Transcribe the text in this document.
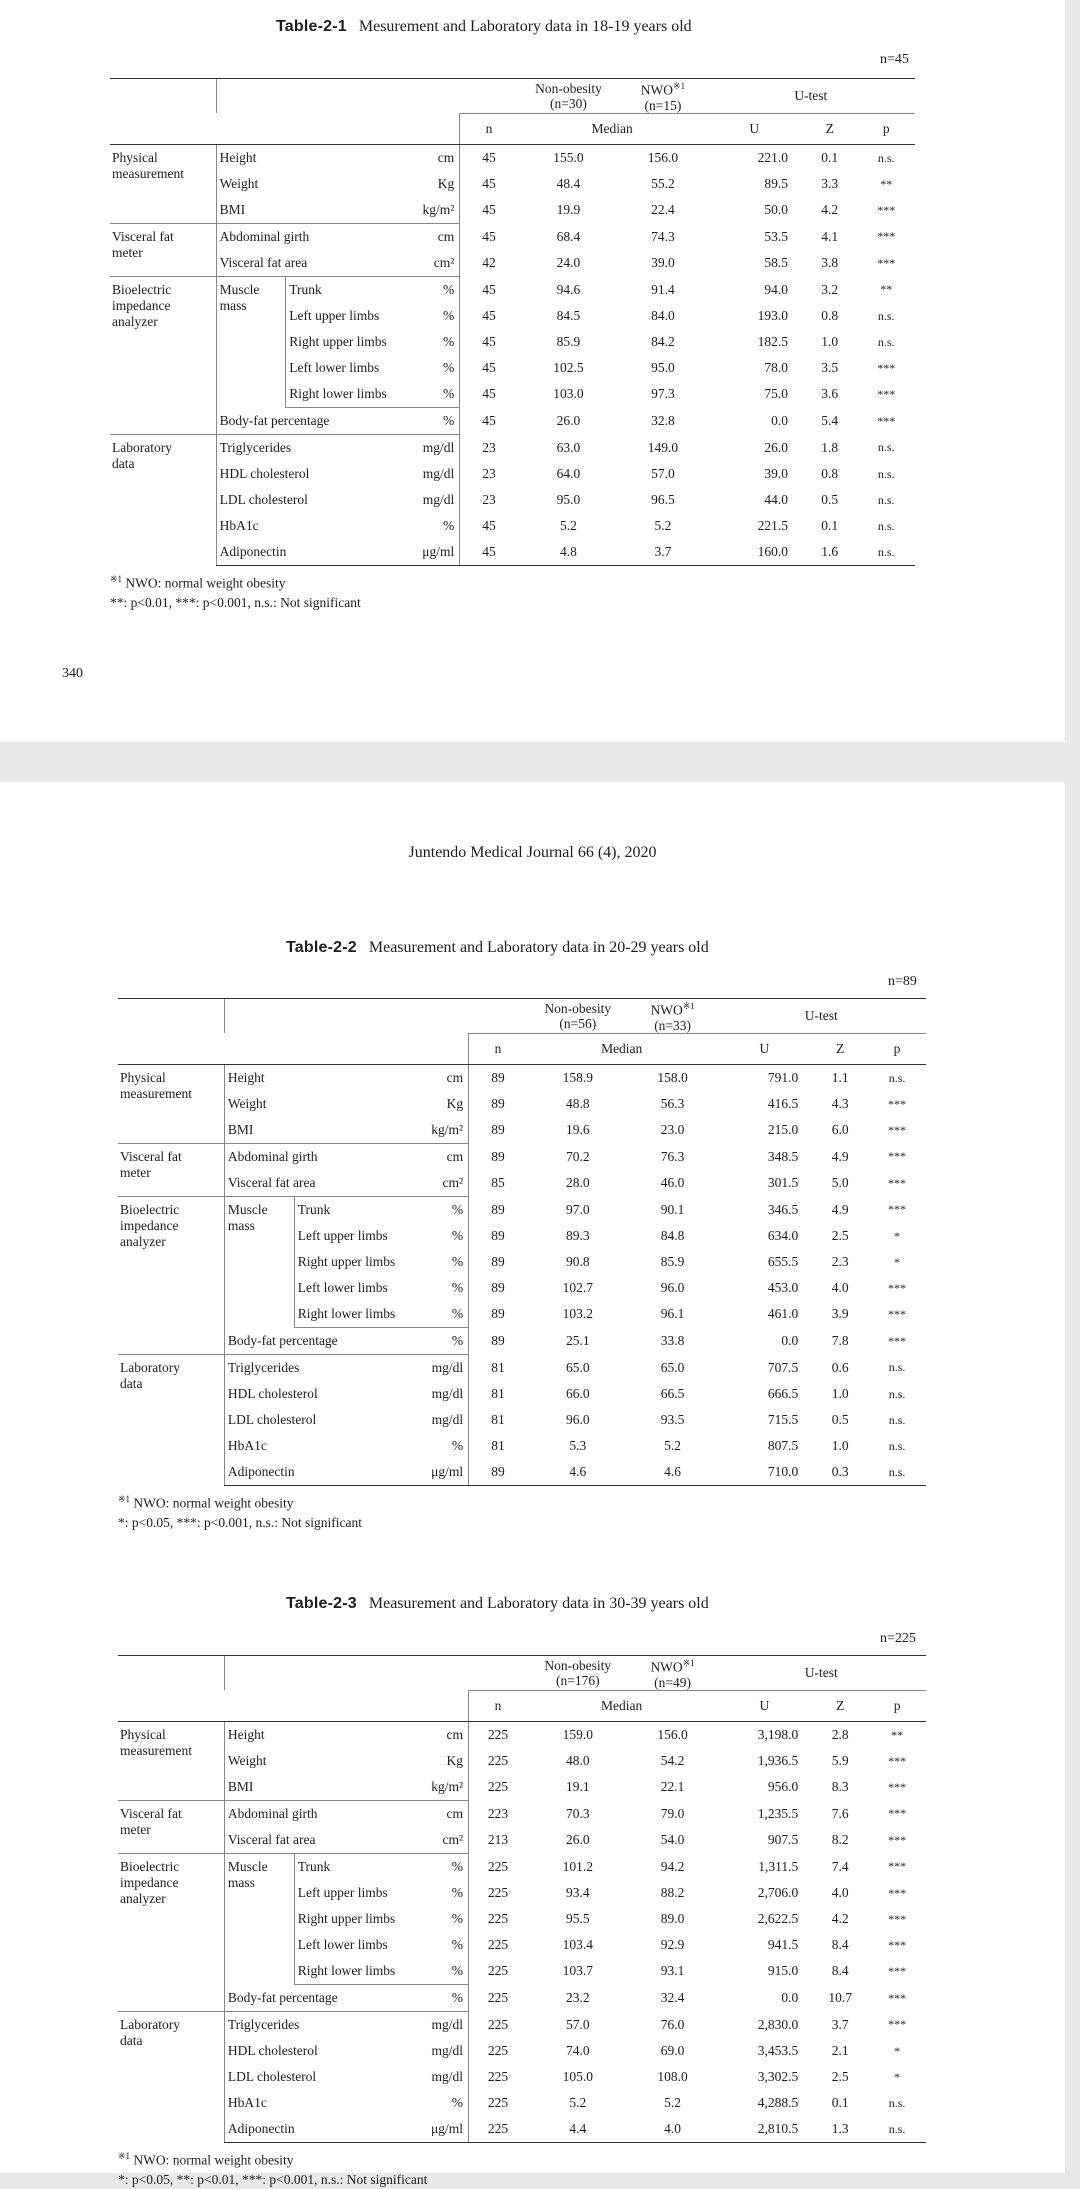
Table-2-1 Mesurement and Laboratory data in 18-19 years old
n=45
					Non-obesity
(n=30)	NWO$^{※1}$
(n=15)	U-test		
				n	Median		U	Z	p
Physical
measurement	Height		cm	45	155.0	156.0	221.0	0.1	n.s.
	Weight		Kg	45	48.4	55.2	89.5	3.3	**
	BMI		kg/m²	45	19.9	22.4	50.0	4.2	***
Visceral fat
meter	Abdominal girth		cm	45	68.4	74.3	53.5	4.1	***
	Visceral fat area		cm²	42	24.0	39.0	58.5	3.8	***
Bioelectric
impedance
analyzer	Muscle
mass	Trunk	%	45	94.6	91.4	94.0	3.2	**
		Left upper limbs	%	45	84.5	84.0	193.0	0.8	n.s.
		Right upper limbs	%	45	85.9	84.2	182.5	1.0	n.s.
		Left lower limbs	%	45	102.5	95.0	78.0	3.5	***
		Right lower limbs	%	45	103.0	97.3	75.0	3.6	***
	Body-fat percentage		%	45	26.0	32.8	0.0	5.4	***
Laboratory
data	Triglycerides		mg/dl	23	63.0	149.0	26.0	1.8	n.s.
	HDL cholesterol		mg/dl	23	64.0	57.0	39.0	0.8	n.s.
	LDL cholesterol		mg/dl	23	95.0	96.5	44.0	0.5	n.s.
	HbA1c		%	45	5.2	5.2	221.5	0.1	n.s.
	Adiponectin		μg/ml	45	4.8	3.7	160.0	1.6	n.s.
$^{※1}$ NWO: normal weight obesity
**: p<0.01, ***: p<0.001, n.s.: Not significant
340
Juntendo Medical Journal 66 (4), 2020
Table-2-2 Measurement and Laboratory data in 20-29 years old
n=89
					Non-obesity
(n=56)	NWO$^{※1}$
(n=33)	U-test		
				n	Median		U	Z	p
Physical
measurement	Height		cm	89	158.9	158.0	791.0	1.1	n.s.
	Weight		Kg	89	48.8	56.3	416.5	4.3	***
	BMI		kg/m²	89	19.6	23.0	215.0	6.0	***
Visceral fat
meter	Abdominal girth		cm	89	70.2	76.3	348.5	4.9	***
	Visceral fat area		cm²	85	28.0	46.0	301.5	5.0	***
Bioelectric
impedance
analyzer	Muscle
mass	Trunk	%	89	97.0	90.1	346.5	4.9	***
		Left upper limbs	%	89	89.3	84.8	634.0	2.5	*
		Right upper limbs	%	89	90.8	85.9	655.5	2.3	*
		Left lower limbs	%	89	102.7	96.0	453.0	4.0	***
		Right lower limbs	%	89	103.2	96.1	461.0	3.9	***
	Body-fat percentage		%	89	25.1	33.8	0.0	7.8	***
Laboratory
data	Triglycerides		mg/dl	81	65.0	65.0	707.5	0.6	n.s.
	HDL cholesterol		mg/dl	81	66.0	66.5	666.5	1.0	n.s.
	LDL cholesterol		mg/dl	81	96.0	93.5	715.5	0.5	n.s.
	HbA1c		%	81	5.3	5.2	807.5	1.0	n.s.
	Adiponectin		μg/ml	89	4.6	4.6	710.0	0.3	n.s.
$^{※1}$ NWO: normal weight obesity
*: p<0.05, ***: p<0.001, n.s.: Not significant
Table-2-3 Measurement and Laboratory data in 30-39 years old
n=225
					Non-obesity
(n=176)	NWO$^{※1}$
(n=49)	U-test		
				n	Median		U	Z	p
Physical
measurement	Height		cm	225	159.0	156.0	3,198.0	2.8	**
	Weight		Kg	225	48.0	54.2	1,936.5	5.9	***
	BMI		kg/m²	225	19.1	22.1	956.0	8.3	***
Visceral fat
meter	Abdominal girth		cm	223	70.3	79.0	1,235.5	7.6	***
	Visceral fat area		cm²	213	26.0	54.0	907.5	8.2	***
Bioelectric
impedance
analyzer	Muscle
mass	Trunk	%	225	101.2	94.2	1,311.5	7.4	***
		Left upper limbs	%	225	93.4	88.2	2,706.0	4.0	***
		Right upper limbs	%	225	95.5	89.0	2,622.5	4.2	***
		Left lower limbs	%	225	103.4	92.9	941.5	8.4	***
		Right lower limbs	%	225	103.7	93.1	915.0	8.4	***
	Body-fat percentage		%	225	23.2	32.4	0.0	10.7	***
Laboratory
data	Triglycerides		mg/dl	225	57.0	76.0	2,830.0	3.7	***
	HDL cholesterol		mg/dl	225	74.0	69.0	3,453.5	2.1	*
	LDL cholesterol		mg/dl	225	105.0	108.0	3,302.5	2.5	*
	HbA1c		%	225	5.2	5.2	4,288.5	0.1	n.s.
	Adiponectin		μg/ml	225	4.4	4.0	2,810.5	1.3	n.s.
$^{※1}$ NWO: normal weight obesity
*: p<0.05, **: p<0.01, ***: p<0.001, n.s.: Not significant
